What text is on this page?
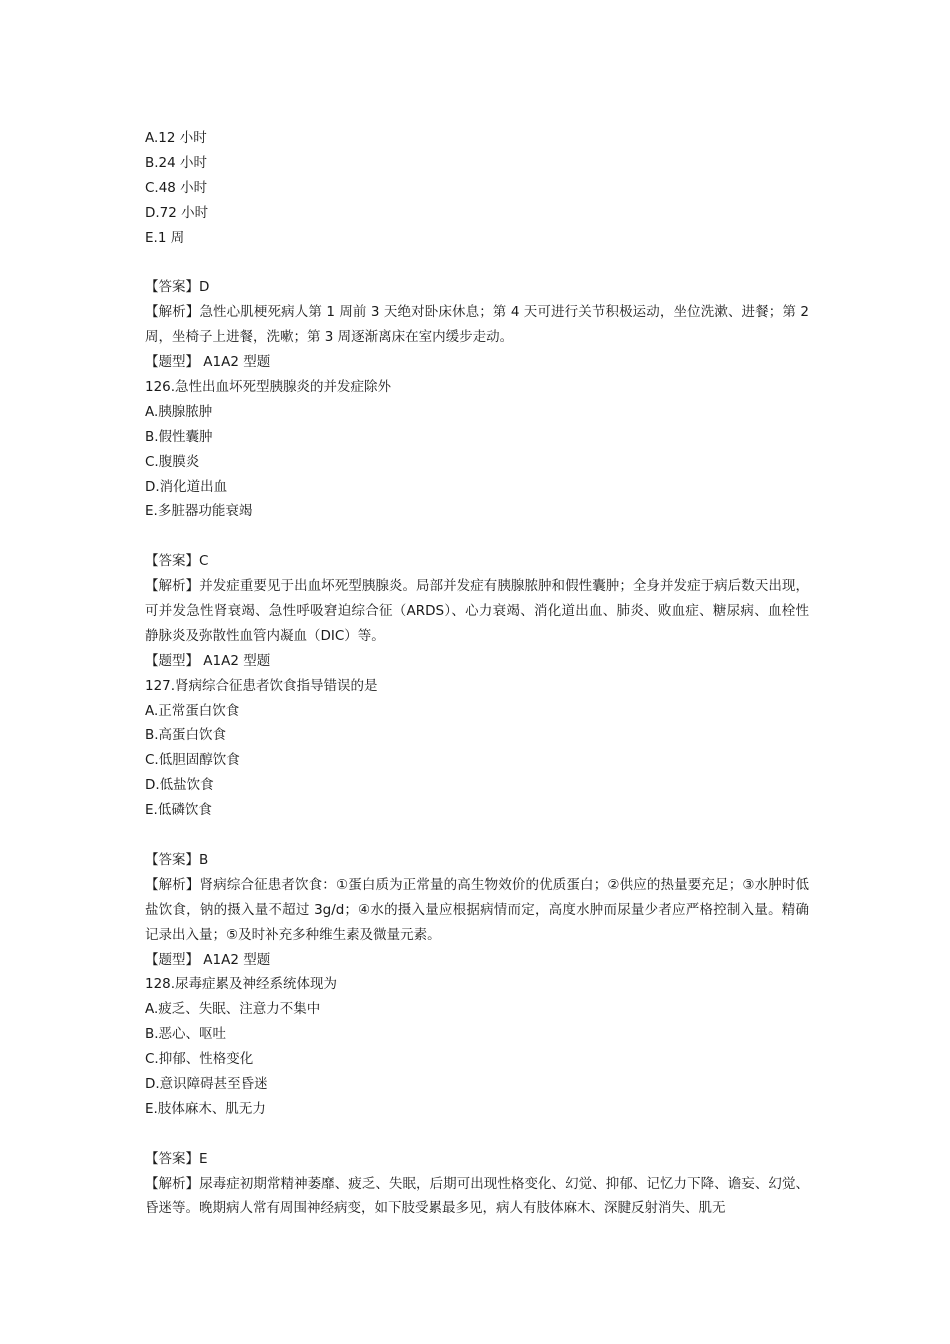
A.12 小时
B.24 小时
C.48 小时
D.72 小时
E.1 周
【答案】D
【解析】急性心肌梗死病人第 1 周前 3 天绝对卧床休息；第 4 天可进行关节积极运动，坐位洗漱、进餐；第 2 周，坐椅子上进餐，洗嗽；第 3 周逐渐离床在室内缓步走动。
【题型】 A1A2 型题
126.急性出血坏死型胰腺炎的并发症除外
A.胰腺脓肿
B.假性囊肿
C.腹膜炎
D.消化道出血
E.多脏器功能衰竭
【答案】C
【解析】并发症重要见于出血坏死型胰腺炎。局部并发症有胰腺脓肿和假性囊肿；全身并发症于病后数天出现，可并发急性肾衰竭、急性呼吸窘迫综合征（ARDS）、心力衰竭、消化道出血、肺炎、败血症、糖尿病、血栓性静脉炎及弥散性血管内凝血（DIC）等。
【题型】 A1A2 型题
127.肾病综合征患者饮食指导错误的是
A.正常蛋白饮食
B.高蛋白饮食
C.低胆固醇饮食
D.低盐饮食
E.低磷饮食
【答案】B
【解析】肾病综合征患者饮食：①蛋白质为正常量的高生物效价的优质蛋白；②供应的热量要充足；③水肿时低盐饮食，钠的摄入量不超过 3g/d；④水的摄入量应根据病情而定，高度水肿而尿量少者应严格控制入量。精确记录出入量；⑤及时补充多种维生素及微量元素。
【题型】 A1A2 型题
128.尿毒症累及神经系统体现为
A.疲乏、失眠、注意力不集中
B.恶心、呕吐
C.抑郁、性格变化
D.意识障碍甚至昏迷
E.肢体麻木、肌无力
【答案】E
【解析】尿毒症初期常精神萎靡、疲乏、失眠，后期可出现性格变化、幻觉、抑郁、记忆力下降、谵妄、幻觉、昏迷等。晚期病人常有周围神经病变，如下肢受累最多见，病人有肢体麻木、深腱反射消失、肌无
